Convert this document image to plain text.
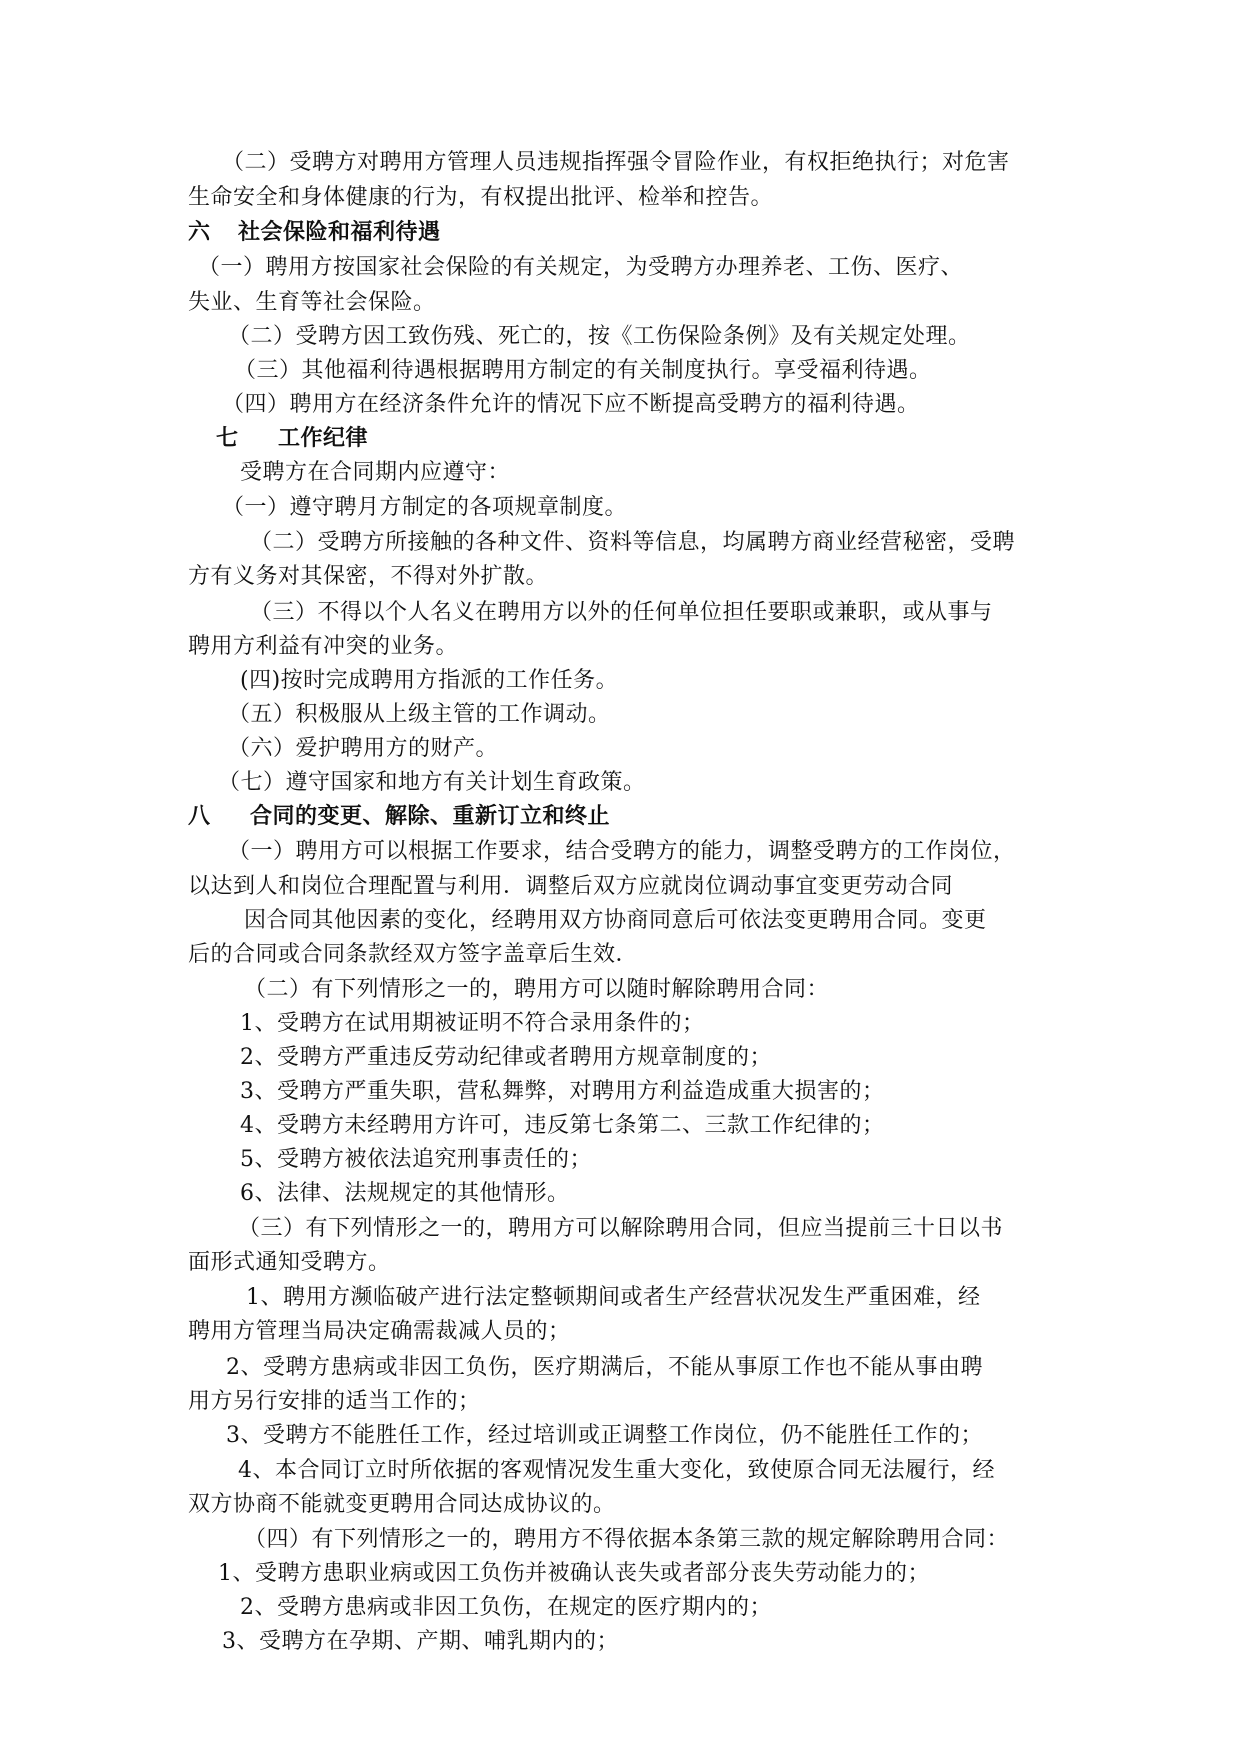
（二）受聘方对聘用方管理人员违规指挥强令冒险作业，有权拒绝执行；对危害
生命安全和身体健康的行为，有权提出批评、检举和控告。
六 社会保险和福利待遇
（一）聘用方按国家社会保险的有关规定，为受聘方办理养老、工伤、医疗、
失业、生育等社会保险。
（二）受聘方因工致伤残、死亡的，按《工伤保险条例》及有关规定处理。
（三）其他福利待遇根据聘用方制定的有关制度执行。享受福利待遇。
（四）聘用方在经济条件允许的情况下应不断提高受聘方的福利待遇。
七 工作纪律
受聘方在合同期内应遵守：
（一）遵守聘月方制定的各项规章制度。
（二）受聘方所接触的各种文件、资料等信息，均属聘方商业经营秘密，受聘
方有义务对其保密，不得对外扩散。
（三）不得以个人名义在聘用方以外的任何单位担任要职或兼职，或从事与
聘用方利益有冲突的业务。
(四)按时完成聘用方指派的工作任务。
（五）积极服从上级主管的工作调动。
（六）爱护聘用方的财产。
（七）遵守国家和地方有关计划生育政策。
八 合同的变更、解除、重新订立和终止
（一）聘用方可以根据工作要求，结合受聘方的能力，调整受聘方的工作岗位，
以达到人和岗位合理配置与利用．调整后双方应就岗位调动事宜变更劳动合同
因合同其他因素的变化，经聘用双方协商同意后可依法变更聘用合同。变更
后的合同或合同条款经双方签字盖章后生效．
（二）有下列情形之一的，聘用方可以随时解除聘用合同：
1、受聘方在试用期被证明不符合录用条件的；
2、受聘方严重违反劳动纪律或者聘用方规章制度的；
3、受聘方严重失职，营私舞弊，对聘用方利益造成重大损害的；
4、受聘方未经聘用方许可，违反第七条第二、三款工作纪律的；
5、受聘方被依法追究刑事责任的；
6、法律、法规规定的其他情形。
（三）有下列情形之一的，聘用方可以解除聘用合同，但应当提前三十日以书
面形式通知受聘方。
1、聘用方濒临破产进行法定整顿期间或者生产经营状况发生严重困难，经
聘用方管理当局决定确需裁减人员的；
2、受聘方患病或非因工负伤，医疗期满后，不能从事原工作也不能从事由聘
用方另行安排的适当工作的；
3、受聘方不能胜任工作，经过培训或正调整工作岗位，仍不能胜任工作的；
4、本合同订立时所依据的客观情况发生重大变化，致使原合同无法履行，经
双方协商不能就变更聘用合同达成协议的。
（四）有下列情形之一的，聘用方不得依据本条第三款的规定解除聘用合同：
1、受聘方患职业病或因工负伤并被确认丧失或者部分丧失劳动能力的；
2、受聘方患病或非因工负伤，在规定的医疗期内的；
3、受聘方在孕期、产期、哺乳期内的；
